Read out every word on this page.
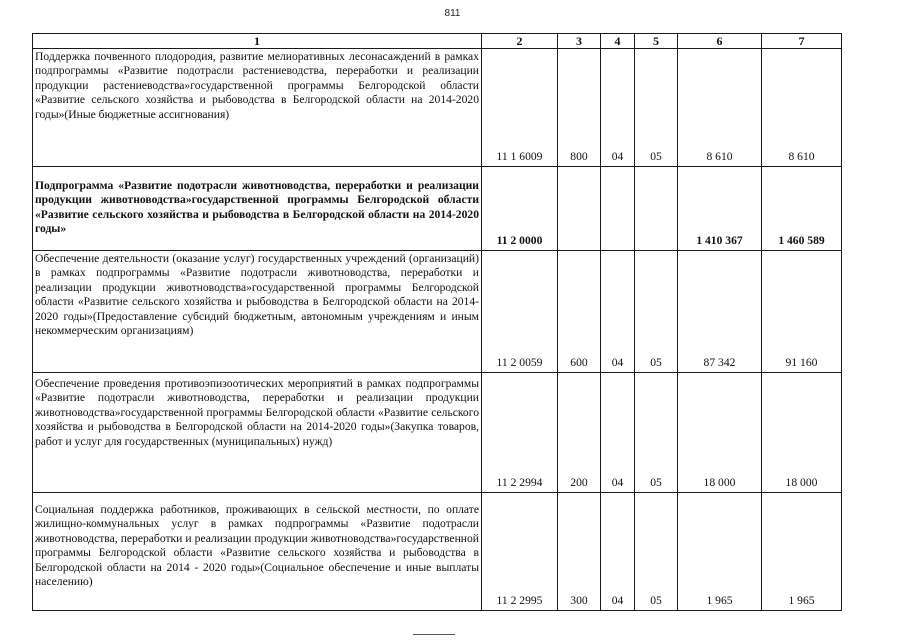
811
1	2	3	4	5	6	7
Поддержка почвенного плодородия, развитие мелиоративных лесонасаждений в рамках подпрограммы «Развитие подотрасли растениеводства, переработки и реализации продукции растениеводства»государственной программы Белгородской области «Развитие сельского хозяйства и рыбоводства в Белгородской области на 2014-2020 годы»(Иные бюджетные ассигнования)	11 1 6009	800	04	05	8 610	8 610
Подпрограмма «Развитие подотрасли животноводства, переработки и реализации продукции животноводства»государственной программы Белгородской области «Развитие сельского хозяйства и рыбоводства в Белгородской области на 2014-2020 годы»	11 2 0000				1 410 367	1 460 589
Обеспечение деятельности (оказание услуг) государственных учреждений (организаций) в рамках подпрограммы «Развитие подотрасли животноводства, переработки и реализации продукции животноводства»государственной программы Белгородской области «Развитие сельского хозяйства и рыбоводства в Белгородской области на 2014-2020 годы»(Предоставление субсидий бюджетным, автономным учреждениям и иным некоммерческим организациям)	11 2 0059	600	04	05	87 342	91 160
Обеспечение проведения противоэпизоотических мероприятий в рамках подпрограммы «Развитие подотрасли животноводства, переработки и реализации продукции животноводства»государственной программы Белгородской области «Развитие сельского хозяйства и рыбоводства в Белгородской области на 2014-2020 годы»(Закупка товаров, работ и услуг для государственных (муниципальных) нужд)	11 2 2994	200	04	05	18 000	18 000
Социальная поддержка работников, проживающих в сельской местности, по оплате жилищно-коммунальных услуг в рамках подпрограммы «Развитие подотрасли животноводства, переработки и реализации продукции животноводства»государственной программы Белгородской области «Развитие сельского хозяйства и рыбоводства в Белгородской области на 2014 - 2020 годы»(Социальное обеспечение и иные выплаты населению)	11 2 2995	300	04	05	1 965	1 965
